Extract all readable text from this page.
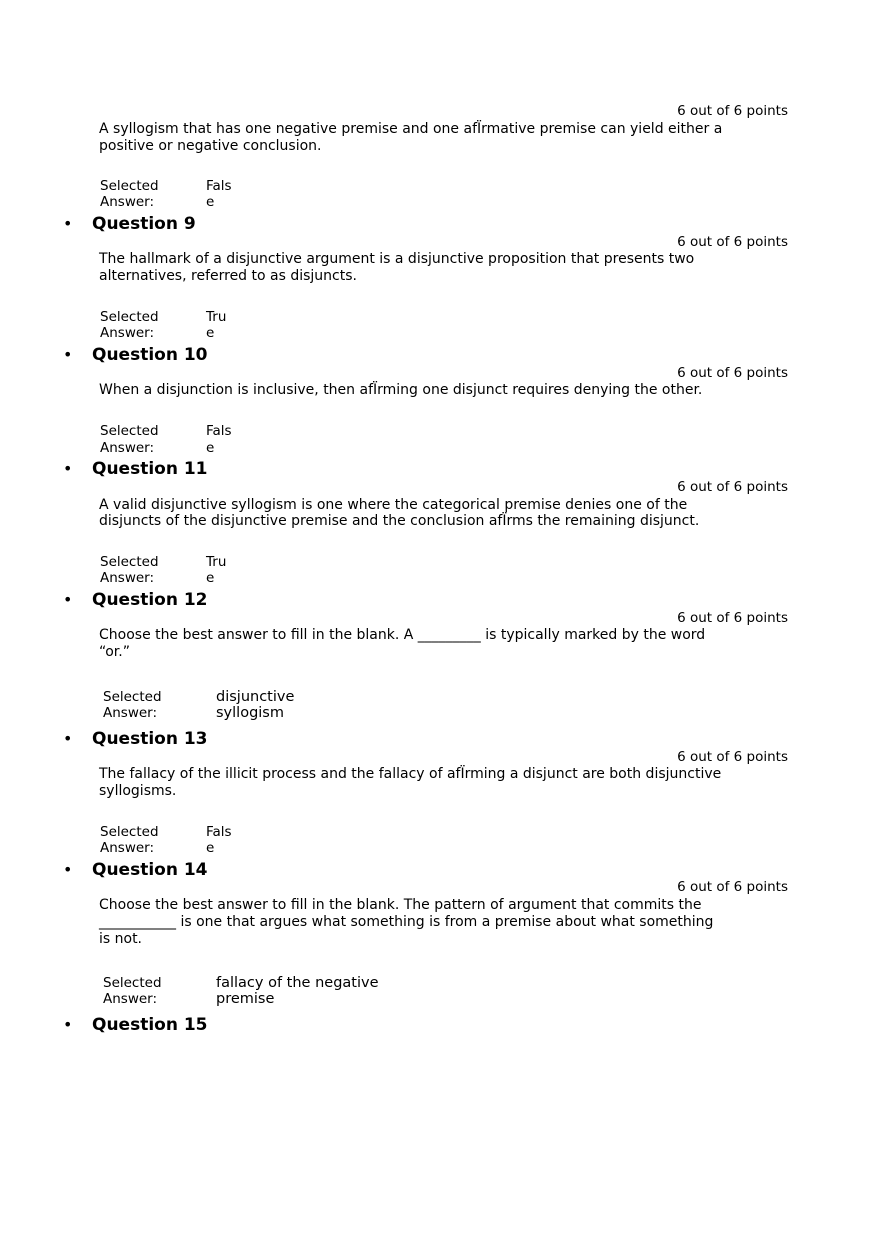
6 out of 6 points
A syllogism that has one negative premise and one afÏrmative premise can yield either a
positive or negative conclusion.
Selected
Answer:
Fals
e
• Question 9
6 out of 6 points
The hallmark of a disjunctive argument is a disjunctive proposition that presents two
alternatives, referred to as disjuncts.
Selected
Answer:
Tru
e
• Question 10
6 out of 6 points
When a disjunction is inclusive, then afÏrming one disjunct requires denying the other.
Selected
Answer:
Fals
e
• Question 11
6 out of 6 points
A valid disjunctive syllogism is one where the categorical premise denies one of the
disjuncts of the disjunctive premise and the conclusion afÏrms the remaining disjunct.
Selected
Answer:
Tru
e
• Question 12
6 out of 6 points
Choose the best answer to fill in the blank. A _________ is typically marked by the word
“or.”
Selected
Answer:
disjunctive
syllogism
• Question 13
6 out of 6 points
The fallacy of the illicit process and the fallacy of afÏrming a disjunct are both disjunctive
syllogisms.
Selected
Answer:
Fals
e
• Question 14
6 out of 6 points
Choose the best answer to fill in the blank. The pattern of argument that commits the
___________ is one that argues what something is from a premise about what something
is not.
Selected
Answer:
fallacy of the negative
premise
• Question 15
